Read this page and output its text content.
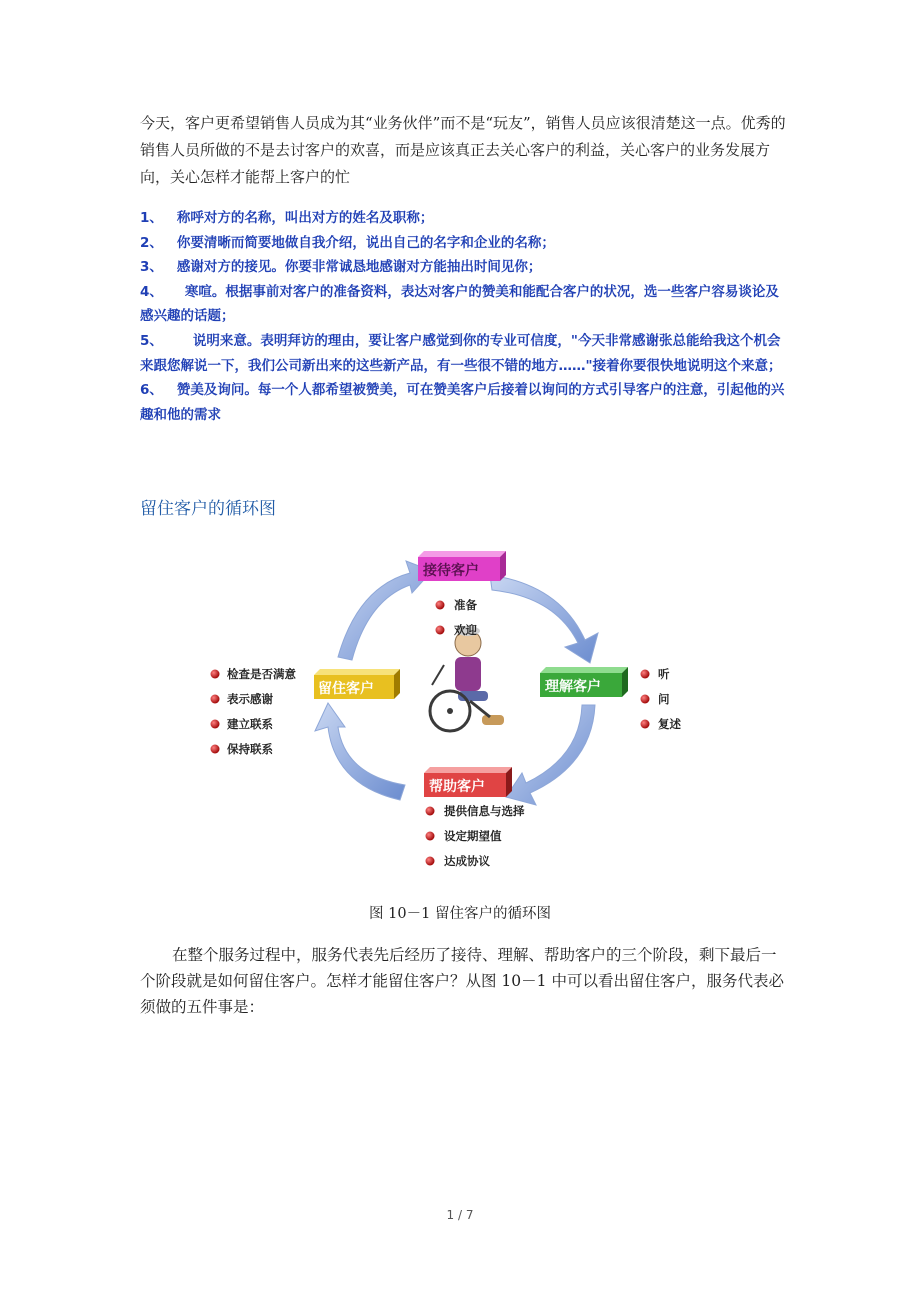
今天，客户更希望销售人员成为其“业务伙伴”而不是“玩友”，销售人员应该很清楚这一点。优秀的销售人员所做的不是去讨客户的欢喜，而是应该真正去关心客户的利益，关心客户的业务发展方向，关心怎样才能帮上客户的忙

1、 称呼对方的名称，叫出对方的姓名及职称；

2、 你要清晰而简要地做自我介绍，说出自己的名字和企业的名称；

3、 感谢对方的接见。你要非常诚恳地感谢对方能抽出时间见你；

4、 寒喧。根据事前对客户的准备资料，表达对客户的赞美和能配合客户的状况，选一些客户容易谈论及感兴趣的话题；

5、 说明来意。表明拜访的理由，要让客户感觉到你的专业可信度，"今天非常感谢张总能给我这个机会来跟您解说一下，我们公司新出来的这些新产品，有一些很不错的地方……"接着你要很快地说明这个来意；

6、 赞美及询问。每一个人都希望被赞美，可在赞美客户后接着以询问的方式引导客户的注意，引起他的兴趣和他的需求

留住客户的循环图
接待客户
理解客户
帮助客户
留住客户
准备
欢迎
听
问
复述
提供信息与选择
设定期望值
达成协议
检查是否满意
表示感谢
建立联系
保持联系
图 10－1 留住客户的循环图

在整个服务过程中，服务代表先后经历了接待、理解、帮助客户的三个阶段，剩下最后一个阶段就是如何留住客户。怎样才能留住客户？从图 10－1 中可以看出留住客户，服务代表必须做的五件事是：

1 / 7
